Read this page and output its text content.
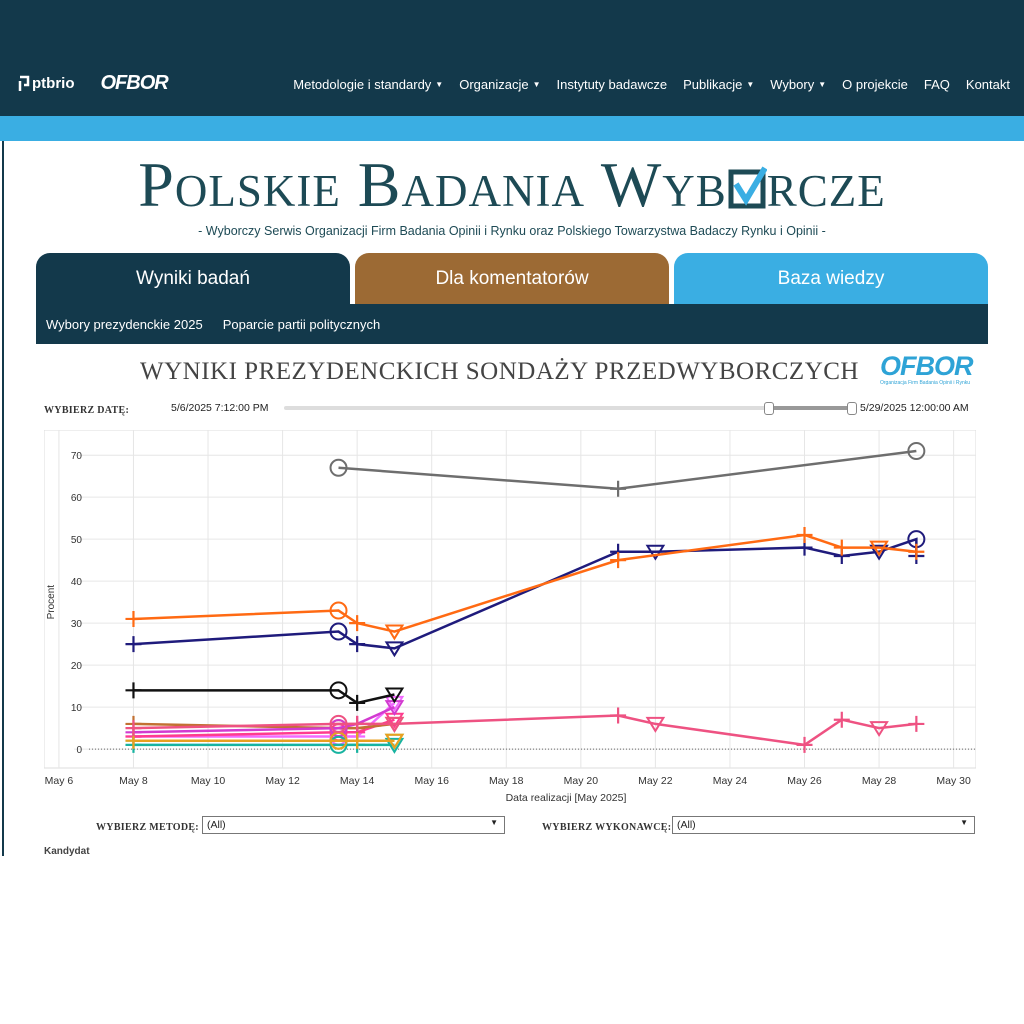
ptbrio OFBOR	Metodologie i standardy ▼ Organizacje ▼ Instytuty badawcze Publikacje ▼ Wybory ▼ O projekcie FAQ Kontakt
Polskie Badania Wyb rcze
- Wyborczy Serwis Organizacji Firm Badania Opinii i Rynku oraz Polskiego Towarzystwa Badaczy Rynku i Opinii -
Wyniki badań	Dla komentatorów	Baza wiedzy
Wybory prezydenckie 2025 Poparcie partii politycznych
WYNIKI PREZYDENCKICH SONDAŻY PRZEDWYBORCZYCH OFBOR
Organizacja Firm Badania Opinii i Rynku
WYBIERZ DATĘ:	5/6/2025 7:12:00 PM	5/29/2025 12:00:00 AM
0
10
20
30
40
50
60
70
May 6	May 8	May 10	May 12	May 14	May 16	May 18	May 20	May 22	May 24	May 26	May 28	May 30
Data realizacji [May 2025]
Procent
WYBIERZ METODĘ: (All)	▼	WYBIERZ WYKONAWCĘ: (All)	▼
Kandydat
